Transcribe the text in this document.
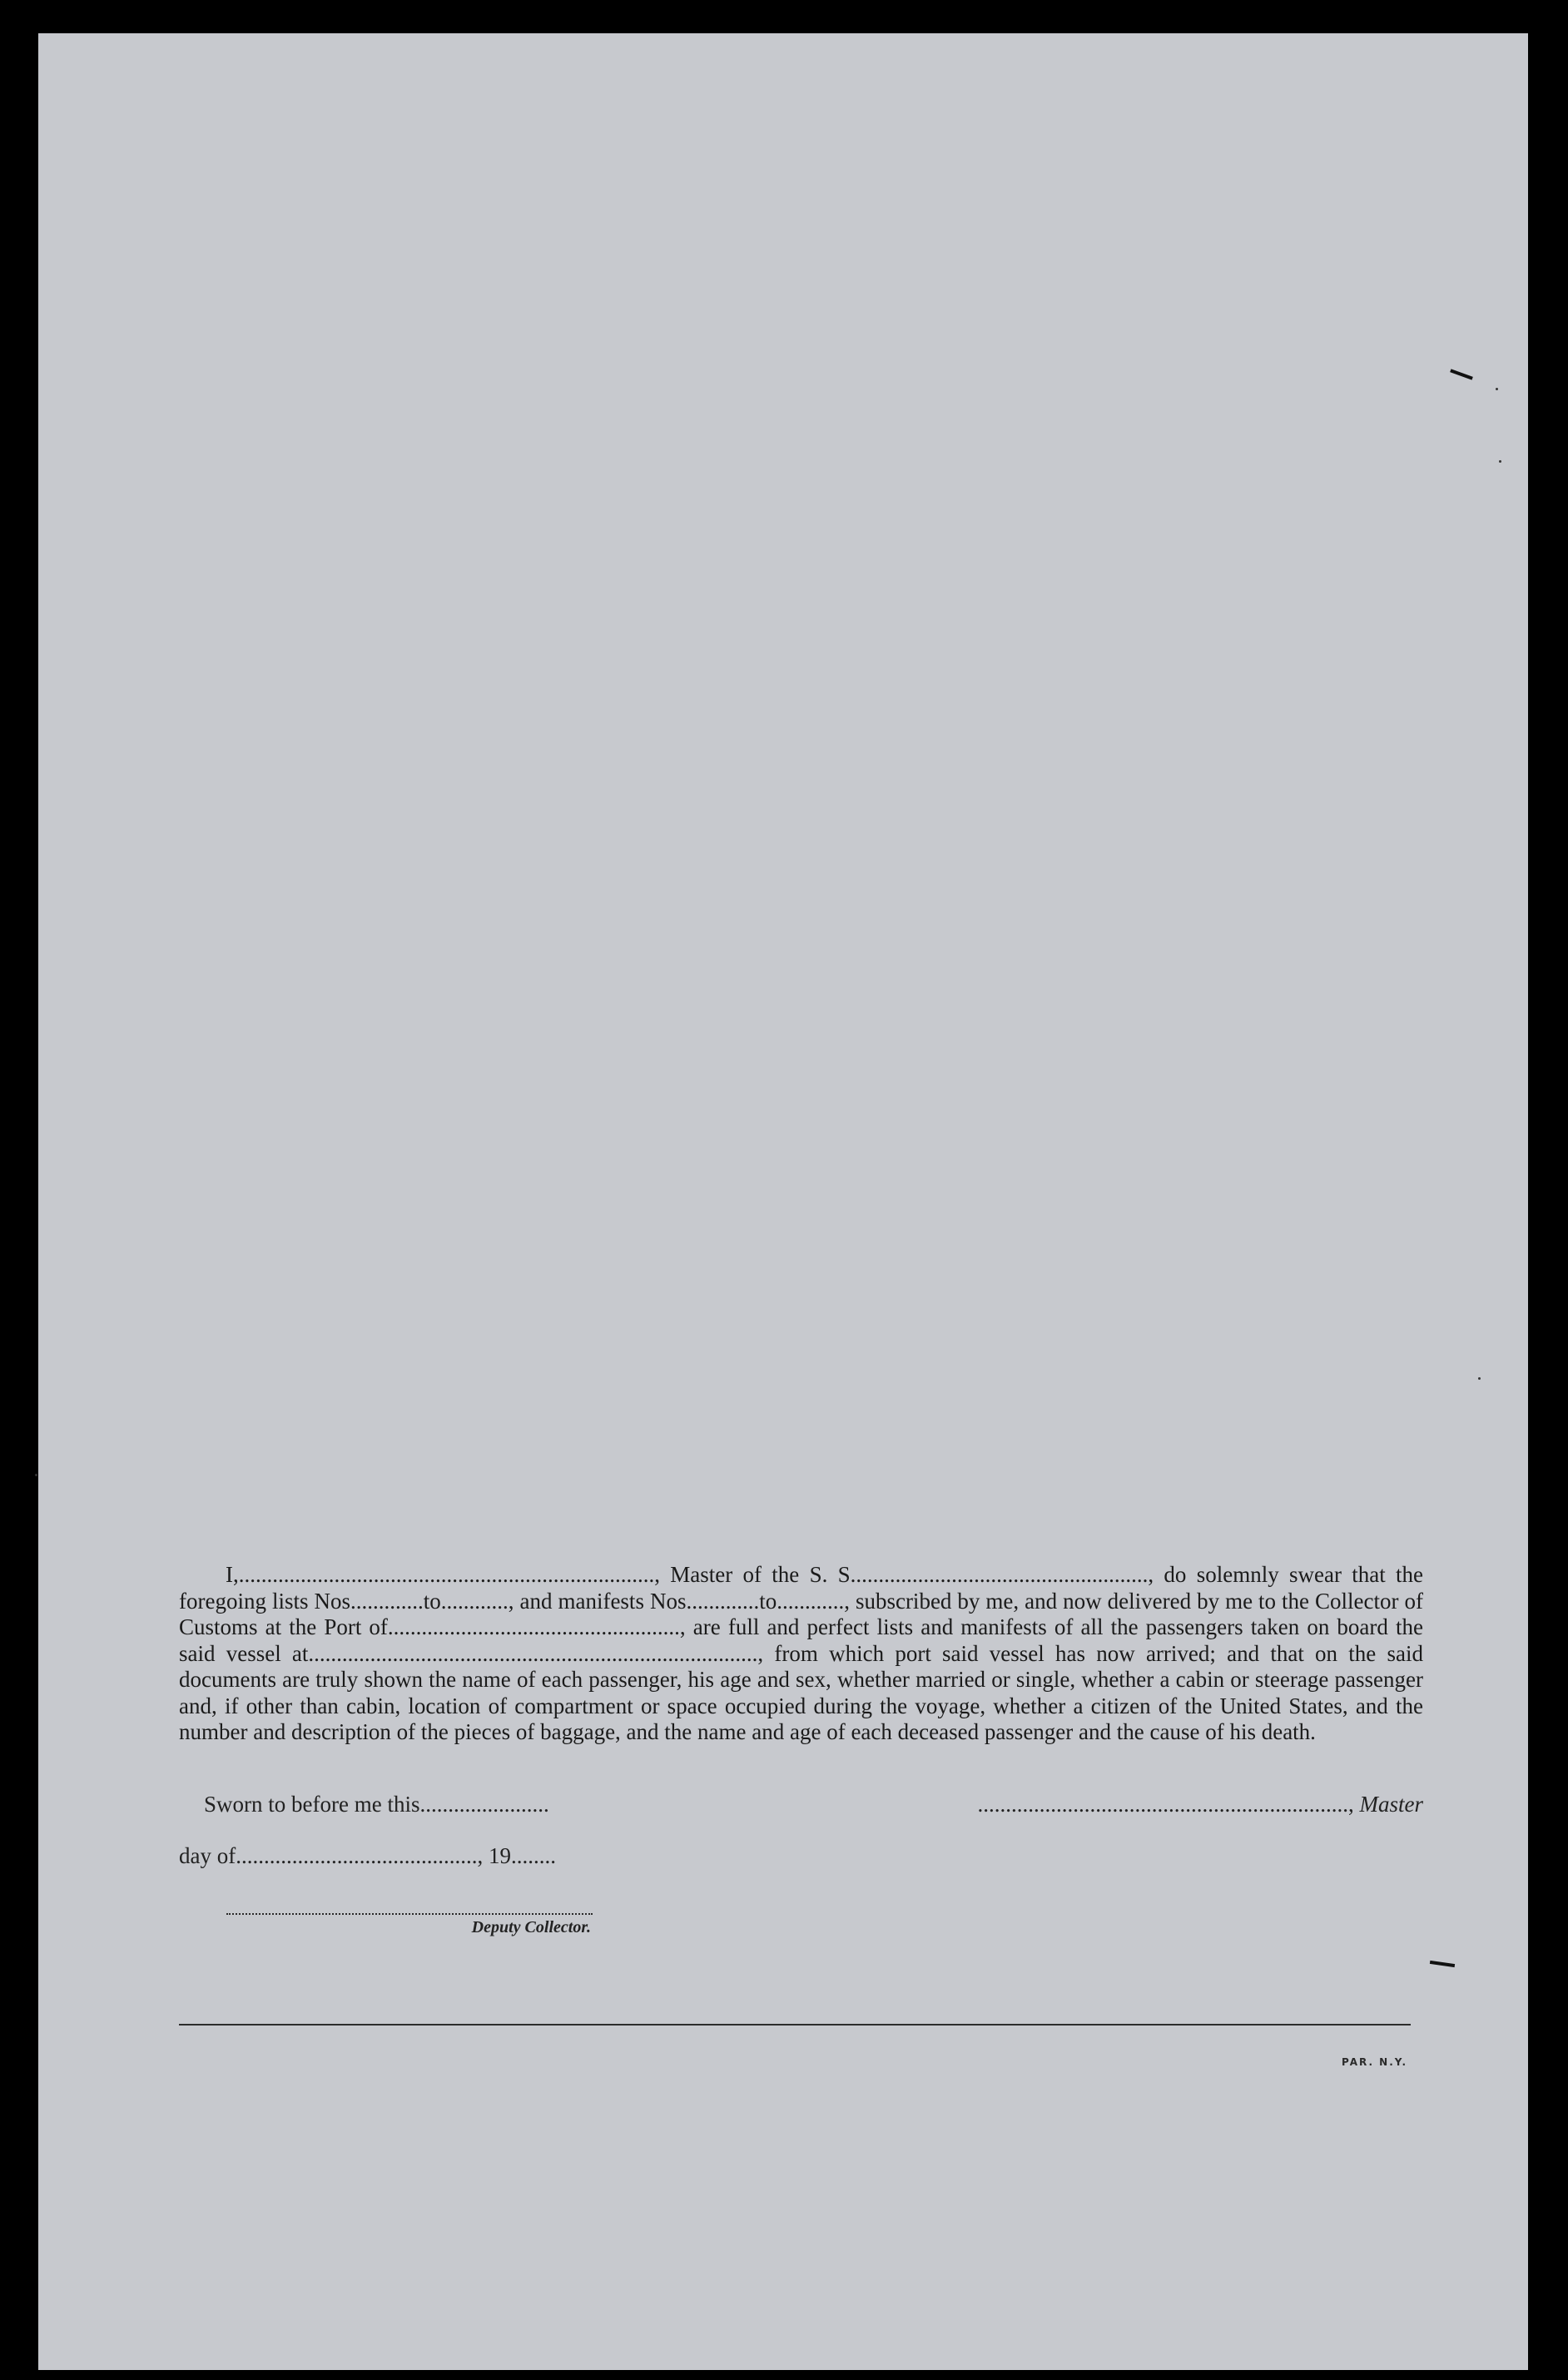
I,.........................................................................., Master of the S. S....................................................., do solemnly swear that the foregoing lists Nos.............to............, and manifests Nos.............to............, subscribed by me, and now delivered by me to the Collector of Customs at the Port of...................................................., are full and perfect lists and manifests of all the passengers taken on board the said vessel at................................................................................, from which port said vessel has now arrived; and that on the said documents are truly shown the name of each passenger, his age and sex, whether married or single, whether a cabin or steerage passenger and, if other than cabin, location of compartment or space occupied during the voyage, whether a citizen of the United States, and the number and description of the pieces of baggage, and the name and age of each deceased passenger and the cause of his death.

Sworn to before me this.......................	.................................................................., Master
day of..........................................., 19........
Deputy Collector.
PAR. N.Y.
